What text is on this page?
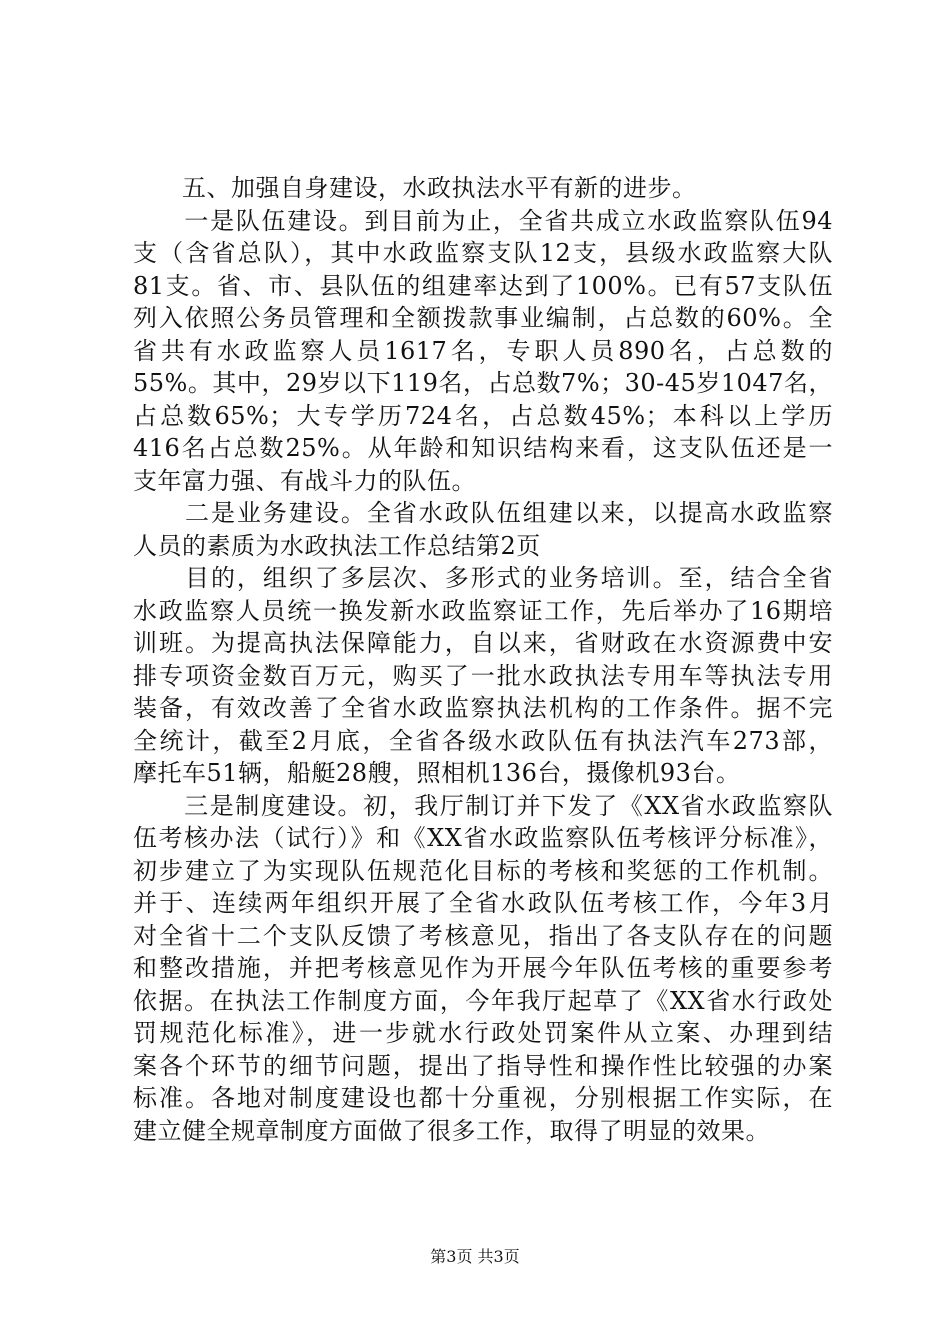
　　五、加强自身建设，水政执法水平有新的进步。
　　一是队伍建设。到目前为止，全省共成立水政监察队伍94
支（含省总队），其中水政监察支队12支，县级水政监察大队
81支。省、市、县队伍的组建率达到了100%。已有57支队伍
列入依照公务员管理和全额拨款事业编制，占总数的60%。全
省共有水政监察人员1617名，专职人员890名，占总数的
55%。其中，29岁以下119名，占总数7%；30-45岁1047名，
占总数65%；大专学历724名，占总数45%；本科以上学历
416名占总数25%。从年龄和知识结构来看，这支队伍还是一
支年富力强、有战斗力的队伍。
　　二是业务建设。全省水政队伍组建以来，以提高水政监察
人员的素质为水政执法工作总结第2页
　　目的，组织了多层次、多形式的业务培训。至，结合全省
水政监察人员统一换发新水政监察证工作，先后举办了16期培
训班。为提高执法保障能力，自以来，省财政在水资源费中安
排专项资金数百万元，购买了一批水政执法专用车等执法专用
装备，有效改善了全省水政监察执法机构的工作条件。据不完
全统计，截至2月底，全省各级水政队伍有执法汽车273部，
摩托车51辆，船艇28艘，照相机136台，摄像机93台。
　　三是制度建设。初，我厅制订并下发了《XX省水政监察队
伍考核办法（试行）》和《XX省水政监察队伍考核评分标准》，
初步建立了为实现队伍规范化目标的考核和奖惩的工作机制。
并于、连续两年组织开展了全省水政队伍考核工作，今年3月
对全省十二个支队反馈了考核意见，指出了各支队存在的问题
和整改措施，并把考核意见作为开展今年队伍考核的重要参考
依据。在执法工作制度方面，今年我厅起草了《XX省水行政处
罚规范化标准》，进一步就水行政处罚案件从立案、办理到结
案各个环节的细节问题，提出了指导性和操作性比较强的办案
标准。各地对制度建设也都十分重视，分别根据工作实际，在
建立健全规章制度方面做了很多工作，取得了明显的效果。
第3页 共3页
